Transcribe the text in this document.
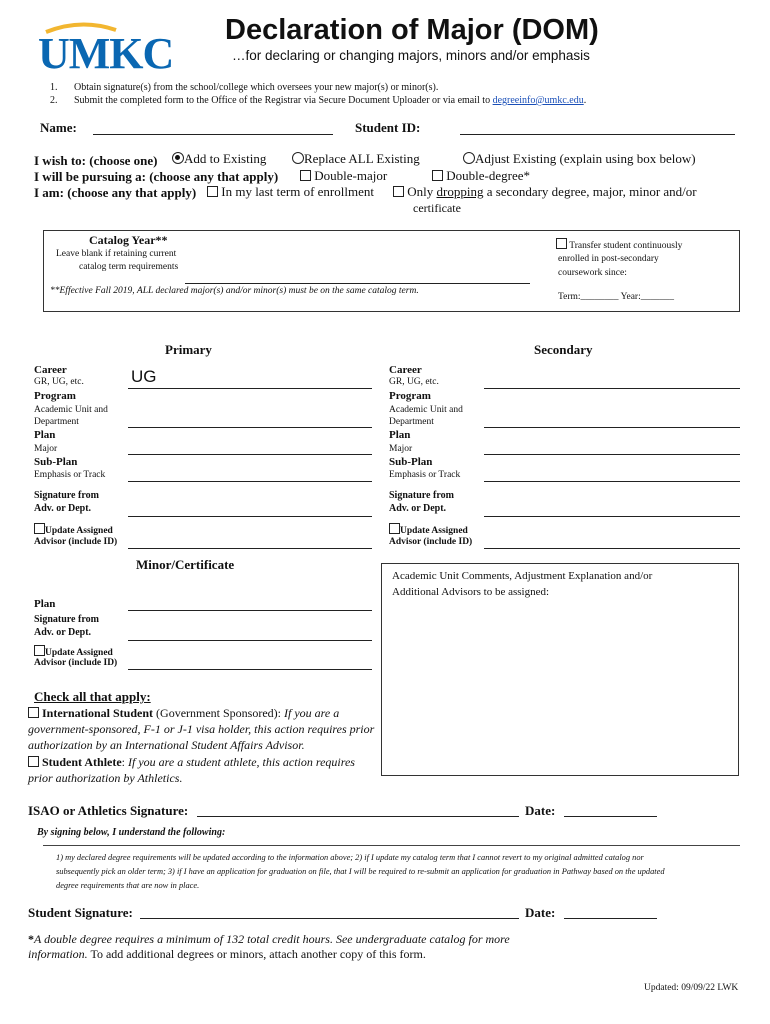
UMKC Declaration of Major (DOM)
…for declaring or changing majors, minors and/or emphasis
1. Obtain signature(s) from the school/college which oversees your new major(s) or minor(s).
2. Submit the completed form to the Office of the Registrar via Secure Document Uploader or via email to degreeinfo@umkc.edu.
Name:	Student ID:
I wish to: (choose one)	Add to Existing	Replace ALL Existing	Adjust Existing (explain using box below)
I will be pursuing a: (choose any that apply)	Double-major	Double-degree*
I am: (choose any that apply)	In my last term of enrollment	Only dropping a secondary degree, major, minor and/or
certificate
Catalog Year**
Leave blank if retaining current
catalog term requirements
**Effective Fall 2019, ALL declared major(s) and/or minor(s) must be on the same catalog term.
Transfer student continuously
enrolled in post-secondary
coursework since:
Term:________ Year:_______
Primary
Career
GR, UG, etc.	UG
Program
Academic Unit and
Department
Plan
Major
Sub-Plan
Emphasis or Track
Signature from
Adv. or Dept.
Update Assigned
Advisor (include ID)
Secondary
Career
GR, UG, etc.
Program
Academic Unit and
Department
Plan
Major
Sub-Plan
Emphasis or Track
Signature from
Adv. or Dept.
Update Assigned
Advisor (include ID)
Minor/Certificate
Plan
Signature from
Adv. or Dept.
Update Assigned
Advisor (include ID)
Academic Unit Comments, Adjustment Explanation and/or
Additional Advisors to be assigned:
Check all that apply:
International Student (Government Sponsored): If you are a
government-sponsored, F-1 or J-1 visa holder, this action requires prior
authorization by an International Student Affairs Advisor.
Student Athlete: If you are a student athlete, this action requires
prior authorization by Athletics.
ISAO or Athletics Signature:	Date:
By signing below, I understand the following:
1) my declared degree requirements will be updated according to the information above; 2) if I update my catalog term that I cannot revert to my original admitted catalog nor
subsequently pick an older term; 3) if I have an application for graduation on file, that I will be required to re-submit an application for graduation in Pathway based on the updated
degree requirements that are now in place.
Student Signature:	Date:
*A double degree requires a minimum of 132 total credit hours. See undergraduate catalog for more
information. To add additional degrees or minors, attach another copy of this form.
Updated: 09/09/22 LWK
